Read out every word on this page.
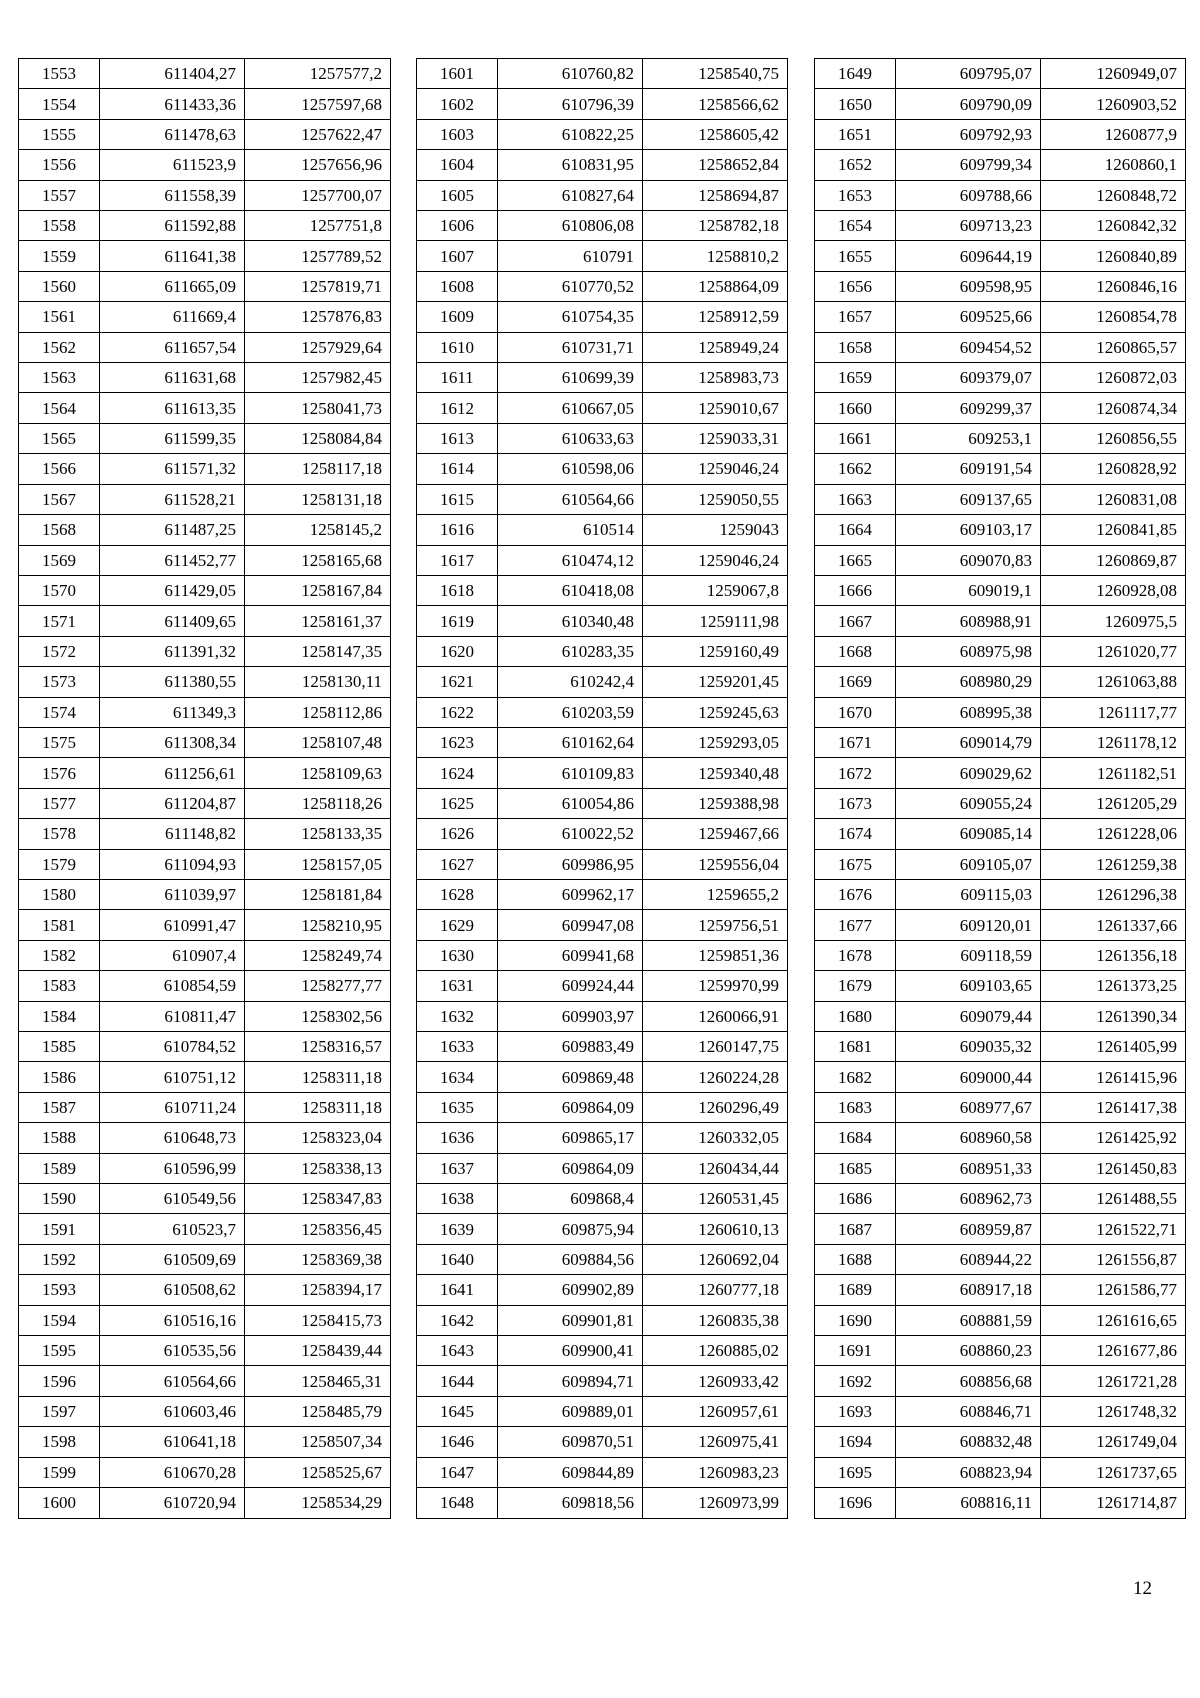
1553	611404,27	1257577,2
1554	611433,36	1257597,68
1555	611478,63	1257622,47
1556	611523,9	1257656,96
1557	611558,39	1257700,07
1558	611592,88	1257751,8
1559	611641,38	1257789,52
1560	611665,09	1257819,71
1561	611669,4	1257876,83
1562	611657,54	1257929,64
1563	611631,68	1257982,45
1564	611613,35	1258041,73
1565	611599,35	1258084,84
1566	611571,32	1258117,18
1567	611528,21	1258131,18
1568	611487,25	1258145,2
1569	611452,77	1258165,68
1570	611429,05	1258167,84
1571	611409,65	1258161,37
1572	611391,32	1258147,35
1573	611380,55	1258130,11
1574	611349,3	1258112,86
1575	611308,34	1258107,48
1576	611256,61	1258109,63
1577	611204,87	1258118,26
1578	611148,82	1258133,35
1579	611094,93	1258157,05
1580	611039,97	1258181,84
1581	610991,47	1258210,95
1582	610907,4	1258249,74
1583	610854,59	1258277,77
1584	610811,47	1258302,56
1585	610784,52	1258316,57
1586	610751,12	1258311,18
1587	610711,24	1258311,18
1588	610648,73	1258323,04
1589	610596,99	1258338,13
1590	610549,56	1258347,83
1591	610523,7	1258356,45
1592	610509,69	1258369,38
1593	610508,62	1258394,17
1594	610516,16	1258415,73
1595	610535,56	1258439,44
1596	610564,66	1258465,31
1597	610603,46	1258485,79
1598	610641,18	1258507,34
1599	610670,28	1258525,67
1600	610720,94	1258534,29
1601	610760,82	1258540,75
1602	610796,39	1258566,62
1603	610822,25	1258605,42
1604	610831,95	1258652,84
1605	610827,64	1258694,87
1606	610806,08	1258782,18
1607	610791	1258810,2
1608	610770,52	1258864,09
1609	610754,35	1258912,59
1610	610731,71	1258949,24
1611	610699,39	1258983,73
1612	610667,05	1259010,67
1613	610633,63	1259033,31
1614	610598,06	1259046,24
1615	610564,66	1259050,55
1616	610514	1259043
1617	610474,12	1259046,24
1618	610418,08	1259067,8
1619	610340,48	1259111,98
1620	610283,35	1259160,49
1621	610242,4	1259201,45
1622	610203,59	1259245,63
1623	610162,64	1259293,05
1624	610109,83	1259340,48
1625	610054,86	1259388,98
1626	610022,52	1259467,66
1627	609986,95	1259556,04
1628	609962,17	1259655,2
1629	609947,08	1259756,51
1630	609941,68	1259851,36
1631	609924,44	1259970,99
1632	609903,97	1260066,91
1633	609883,49	1260147,75
1634	609869,48	1260224,28
1635	609864,09	1260296,49
1636	609865,17	1260332,05
1637	609864,09	1260434,44
1638	609868,4	1260531,45
1639	609875,94	1260610,13
1640	609884,56	1260692,04
1641	609902,89	1260777,18
1642	609901,81	1260835,38
1643	609900,41	1260885,02
1644	609894,71	1260933,42
1645	609889,01	1260957,61
1646	609870,51	1260975,41
1647	609844,89	1260983,23
1648	609818,56	1260973,99
1649	609795,07	1260949,07
1650	609790,09	1260903,52
1651	609792,93	1260877,9
1652	609799,34	1260860,1
1653	609788,66	1260848,72
1654	609713,23	1260842,32
1655	609644,19	1260840,89
1656	609598,95	1260846,16
1657	609525,66	1260854,78
1658	609454,52	1260865,57
1659	609379,07	1260872,03
1660	609299,37	1260874,34
1661	609253,1	1260856,55
1662	609191,54	1260828,92
1663	609137,65	1260831,08
1664	609103,17	1260841,85
1665	609070,83	1260869,87
1666	609019,1	1260928,08
1667	608988,91	1260975,5
1668	608975,98	1261020,77
1669	608980,29	1261063,88
1670	608995,38	1261117,77
1671	609014,79	1261178,12
1672	609029,62	1261182,51
1673	609055,24	1261205,29
1674	609085,14	1261228,06
1675	609105,07	1261259,38
1676	609115,03	1261296,38
1677	609120,01	1261337,66
1678	609118,59	1261356,18
1679	609103,65	1261373,25
1680	609079,44	1261390,34
1681	609035,32	1261405,99
1682	609000,44	1261415,96
1683	608977,67	1261417,38
1684	608960,58	1261425,92
1685	608951,33	1261450,83
1686	608962,73	1261488,55
1687	608959,87	1261522,71
1688	608944,22	1261556,87
1689	608917,18	1261586,77
1690	608881,59	1261616,65
1691	608860,23	1261677,86
1692	608856,68	1261721,28
1693	608846,71	1261748,32
1694	608832,48	1261749,04
1695	608823,94	1261737,65
1696	608816,11	1261714,87
12
